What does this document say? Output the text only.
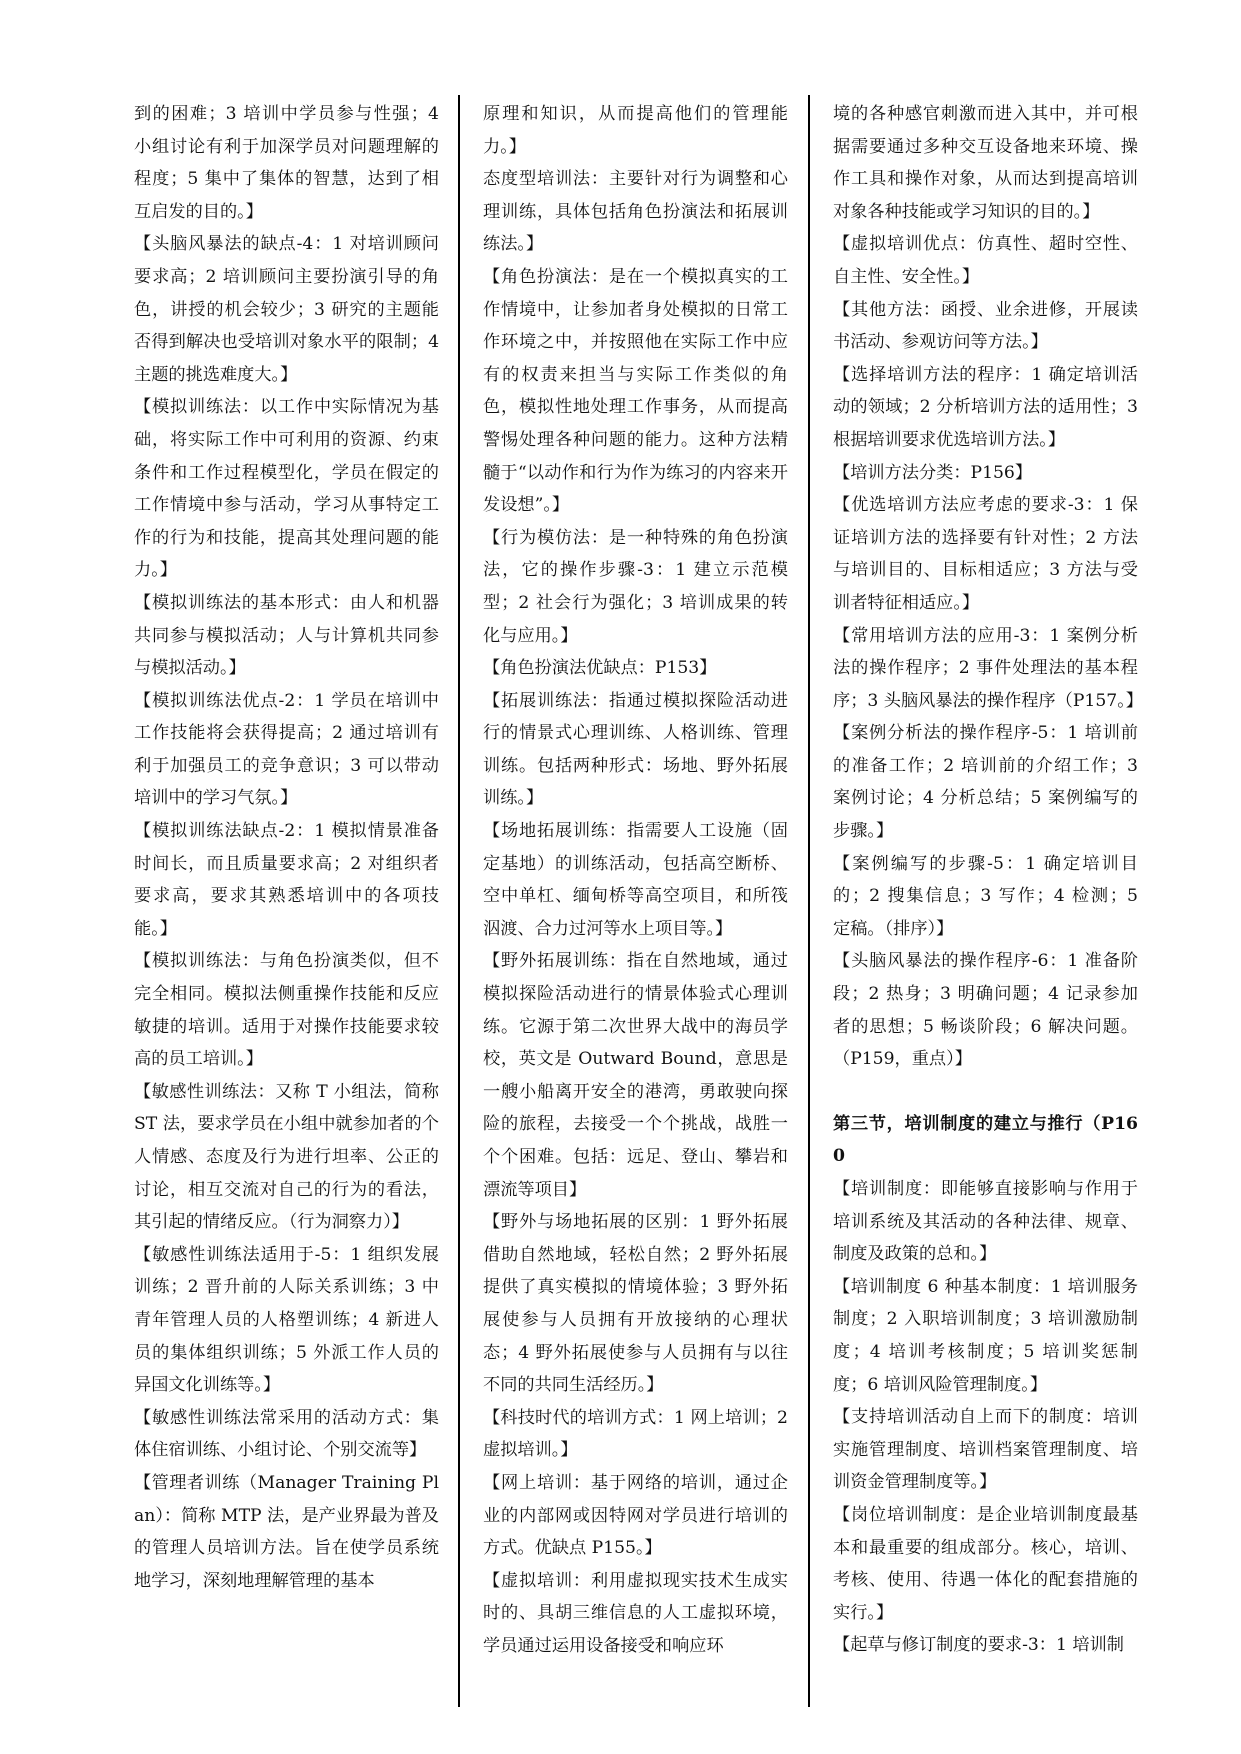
到的困难；3 培训中学员参与性强；4 小组讨论有利于加深学员对问题理解的程度；5 集中了集体的智慧，达到了相互启发的目的。】

【头脑风暴法的缺点-4：1 对培训顾问要求高；2 培训顾问主要扮演引导的角色，讲授的机会较少；3 研究的主题能否得到解决也受培训对象水平的限制；4 主题的挑选难度大。】

【模拟训练法：以工作中实际情况为基础，将实际工作中可利用的资源、约束条件和工作过程模型化，学员在假定的工作情境中参与活动，学习从事特定工作的行为和技能，提高其处理问题的能力。】

【模拟训练法的基本形式：由人和机器共同参与模拟活动；人与计算机共同参与模拟活动。】

【模拟训练法优点-2：1 学员在培训中工作技能将会获得提高；2 通过培训有利于加强员工的竞争意识；3 可以带动培训中的学习气氛。】

【模拟训练法缺点-2：1 模拟情景准备时间长，而且质量要求高；2 对组织者要求高，要求其熟悉培训中的各项技能。】

【模拟训练法：与角色扮演类似，但不完全相同。模拟法侧重操作技能和反应敏捷的培训。适用于对操作技能要求较高的员工培训。】

【敏感性训练法：又称 T 小组法，简称 ST 法，要求学员在小组中就参加者的个人情感、态度及行为进行坦率、公正的讨论，相互交流对自己的行为的看法，其引起的情绪反应。（行为洞察力）】

【敏感性训练法适用于-5：1 组织发展训练；2 晋升前的人际关系训练；3 中青年管理人员的人格塑训练；4 新进人员的集体组织训练；5 外派工作人员的异国文化训练等。】

【敏感性训练法常采用的活动方式：集体住宿训练、小组讨论、个别交流等】

【管理者训练（Manager Training Plan）：简称 MTP 法，是产业界最为普及的管理人员培训方法。旨在使学员系统地学习，深刻地理解管理的基本

原理和知识，从而提高他们的管理能力。】

态度型培训法：主要针对行为调整和心理训练，具体包括角色扮演法和拓展训练法。】

【角色扮演法：是在一个模拟真实的工作情境中，让参加者身处模拟的日常工作环境之中，并按照他在实际工作中应有的权责来担当与实际工作类似的角色，模拟性地处理工作事务，从而提高警惕处理各种问题的能力。这种方法精髓于“以动作和行为作为练习的内容来开发设想”。】

【行为模仿法：是一种特殊的角色扮演法，它的操作步骤-3：1 建立示范模型；2 社会行为强化；3 培训成果的转化与应用。】

【角色扮演法优缺点：P153】

【拓展训练法：指通过模拟探险活动进行的情景式心理训练、人格训练、管理训练。包括两种形式：场地、野外拓展训练。】

【场地拓展训练：指需要人工设施（固定基地）的训练活动，包括高空断桥、空中单杠、缅甸桥等高空项目，和所筏泅渡、合力过河等水上项目等。】

【野外拓展训练：指在自然地域，通过模拟探险活动进行的情景体验式心理训练。它源于第二次世界大战中的海员学校，英文是 Outward Bound，意思是一艘小船离开安全的港湾，勇敢驶向探险的旅程，去接受一个个挑战，战胜一个个困难。包括：远足、登山、攀岩和漂流等项目】

【野外与场地拓展的区别：1 野外拓展借助自然地域，轻松自然；2 野外拓展提供了真实模拟的情境体验；3 野外拓展使参与人员拥有开放接纳的心理状态；4 野外拓展使参与人员拥有与以往不同的共同生活经历。】

【科技时代的培训方式：1 网上培训；2 虚拟培训。】

【网上培训：基于网络的培训，通过企业的内部网或因特网对学员进行培训的方式。优缺点 P155。】

【虚拟培训：利用虚拟现实技术生成实时的、具胡三维信息的人工虚拟环境，学员通过运用设备接受和响应环

境的各种感官刺激而进入其中，并可根据需要通过多种交互设备地来环境、操作工具和操作对象，从而达到提高培训对象各种技能或学习知识的目的。】

【虚拟培训优点：仿真性、超时空性、自主性、安全性。】

【其他方法：函授、业余进修，开展读书活动、参观访问等方法。】

【选择培训方法的程序：1 确定培训活动的领域；2 分析培训方法的适用性；3 根据培训要求优选培训方法。】

【培训方法分类：P156】

【优选培训方法应考虑的要求-3：1 保证培训方法的选择要有针对性；2 方法与培训目的、目标相适应；3 方法与受训者特征相适应。】

【常用培训方法的应用-3：1 案例分析法的操作程序；2 事件处理法的基本程序；3 头脑风暴法的操作程序（P157。】

【案例分析法的操作程序-5：1 培训前的准备工作；2 培训前的介绍工作；3 案例讨论；4 分析总结；5 案例编写的步骤。】

【案例编写的步骤-5：1 确定培训目的；2 搜集信息；3 写作；4 检测；5 定稿。（排序）】

【头脑风暴法的操作程序-6：1 准备阶段；2 热身；3 明确问题；4 记录参加者的思想；5 畅谈阶段；6 解决问题。（P159，重点）】

第三节，培训制度的建立与推行（P160

【培训制度：即能够直接影响与作用于培训系统及其活动的各种法律、规章、制度及政策的总和。】

【培训制度 6 种基本制度：1 培训服务制度；2 入职培训制度；3 培训激励制度；4 培训考核制度；5 培训奖惩制度；6 培训风险管理制度。】

【支持培训活动自上而下的制度：培训实施管理制度、培训档案管理制度、培训资金管理制度等。】

【岗位培训制度：是企业培训制度最基本和最重要的组成部分。核心，培训、考核、使用、待遇一体化的配套措施的实行。】

【起草与修订制度的要求-3：1 培训制
